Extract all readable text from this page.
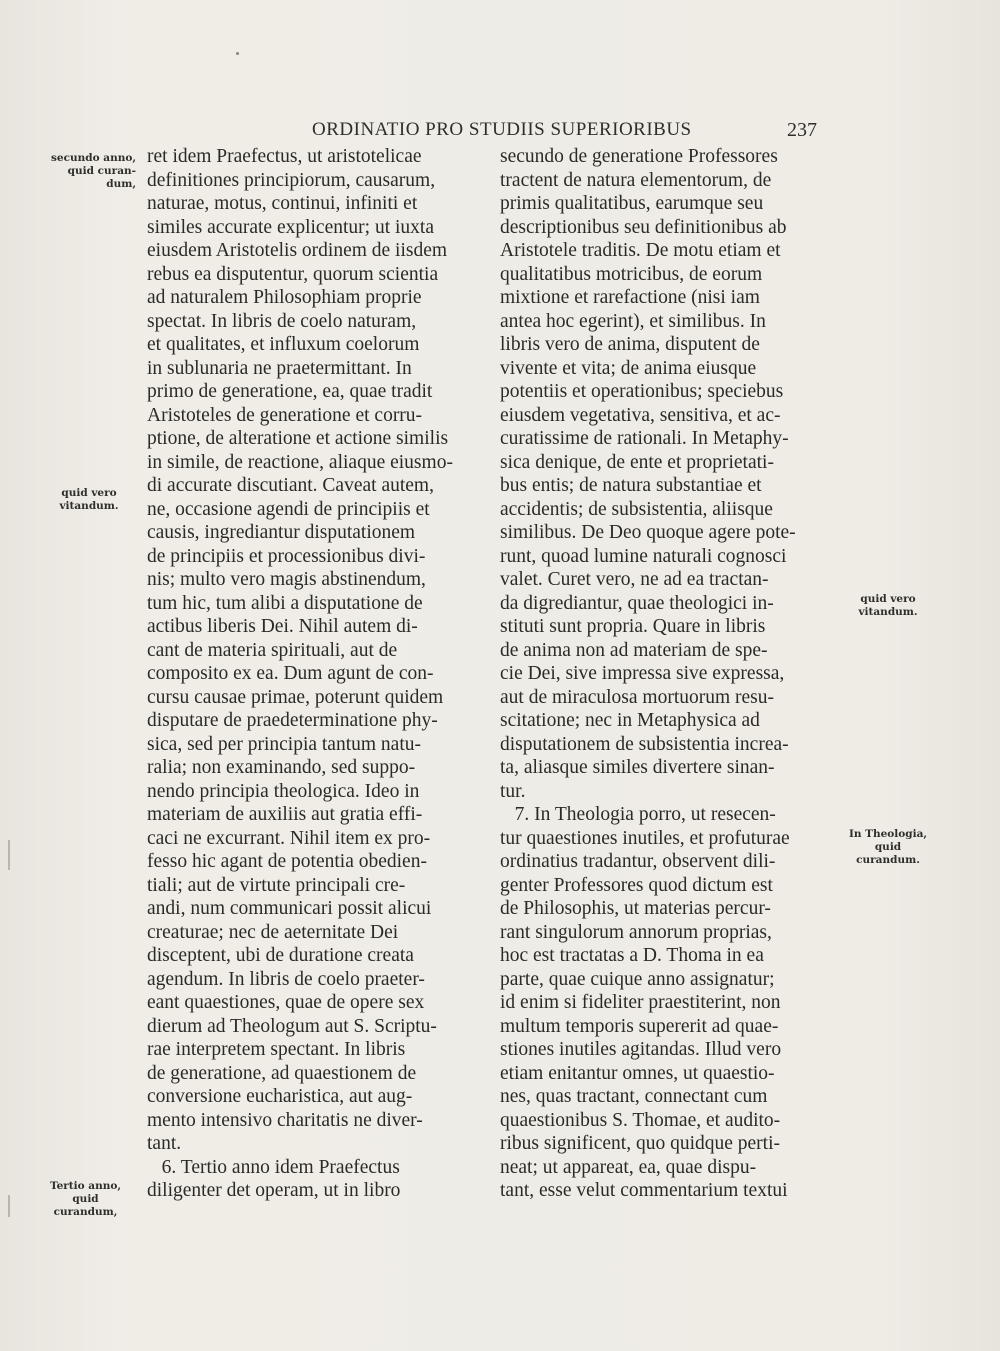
ORDINATIO PRO STUDIIS SUPERIORIBUS	237
secundo anno,
quid curan-
dum,
quid vero
vitandum.
Tertio anno,
quid
curandum,
quid vero
vitandum.
In Theologia,
quid
curandum.
ret idem Praefectus, ut aristotelicae
definitiones principiorum, causarum,
naturae, motus, continui, infiniti et
similes accurate explicentur; ut iuxta
eiusdem Aristotelis ordinem de iisdem
rebus ea disputentur, quorum scientia
ad naturalem Philosophiam proprie
spectat. In libris de coelo naturam,
et qualitates, et influxum coelorum
in sublunaria ne praetermittant. In
primo de generatione, ea, quae tradit
Aristoteles de generatione et corru-
ptione, de alteratione et actione similis
in simile, de reactione, aliaque eiusmo-
di accurate discutiant. Caveat autem,
ne, occasione agendi de principiis et
causis, ingrediantur disputationem
de principiis et processionibus divi-
nis; multo vero magis abstinendum,
tum hic, tum alibi a disputatione de
actibus liberis Dei. Nihil autem di-
cant de materia spirituali, aut de
composito ex ea. Dum agunt de con-
cursu causae primae, poterunt quidem
disputare de praedeterminatione phy-
sica, sed per principia tantum natu-
ralia; non examinando, sed suppo-
nendo principia theologica. Ideo in
materiam de auxiliis aut gratia effi-
caci ne excurrant. Nihil item ex pro-
fesso hic agant de potentia obedien-
tiali; aut de virtute principali cre-
andi, num communicari possit alicui
creaturae; nec de aeternitate Dei
disceptent, ubi de duratione creata
agendum. In libris de coelo praeter-
eant quaestiones, quae de opere sex
dierum ad Theologum aut S. Scriptu-
rae interpretem spectant. In libris
de generatione, ad quaestionem de
conversione eucharistica, aut aug-
mento intensivo charitatis ne diver-
tant.
6. Tertio anno idem Praefectus
diligenter det operam, ut in libro
secundo de generatione Professores
tractent de natura elementorum, de
primis qualitatibus, earumque seu
descriptionibus seu definitionibus ab
Aristotele traditis. De motu etiam et
qualitatibus motricibus, de eorum
mixtione et rarefactione (nisi iam
antea hoc egerint), et similibus. In
libris vero de anima, disputent de
vivente et vita; de anima eiusque
potentiis et operationibus; speciebus
eiusdem vegetativa, sensitiva, et ac-
curatissime de rationali. In Metaphy-
sica denique, de ente et proprietati-
bus entis; de natura substantiae et
accidentis; de subsistentia, aliisque
similibus. De Deo quoque agere pote-
runt, quoad lumine naturali cognosci
valet. Curet vero, ne ad ea tractan-
da digrediantur, quae theologici in-
stituti sunt propria. Quare in libris
de anima non ad materiam de spe-
cie Dei, sive impressa sive expressa,
aut de miraculosa mortuorum resu-
scitatione; nec in Metaphysica ad
disputationem de subsistentia increa-
ta, aliasque similes divertere sinan-
tur.
7. In Theologia porro, ut resecen-
tur quaestiones inutiles, et profuturae
ordinatius tradantur, observent dili-
genter Professores quod dictum est
de Philosophis, ut materias percur-
rant singulorum annorum proprias,
hoc est tractatas a D. Thoma in ea
parte, quae cuique anno assignatur;
id enim si fideliter praestiterint, non
multum temporis supererit ad quae-
stiones inutiles agitandas. Illud vero
etiam enitantur omnes, ut quaestio-
nes, quas tractant, connectant cum
quaestionibus S. Thomae, et audito-
ribus significent, quo quidque perti-
neat; ut appareat, ea, quae dispu-
tant, esse velut commentarium textui
